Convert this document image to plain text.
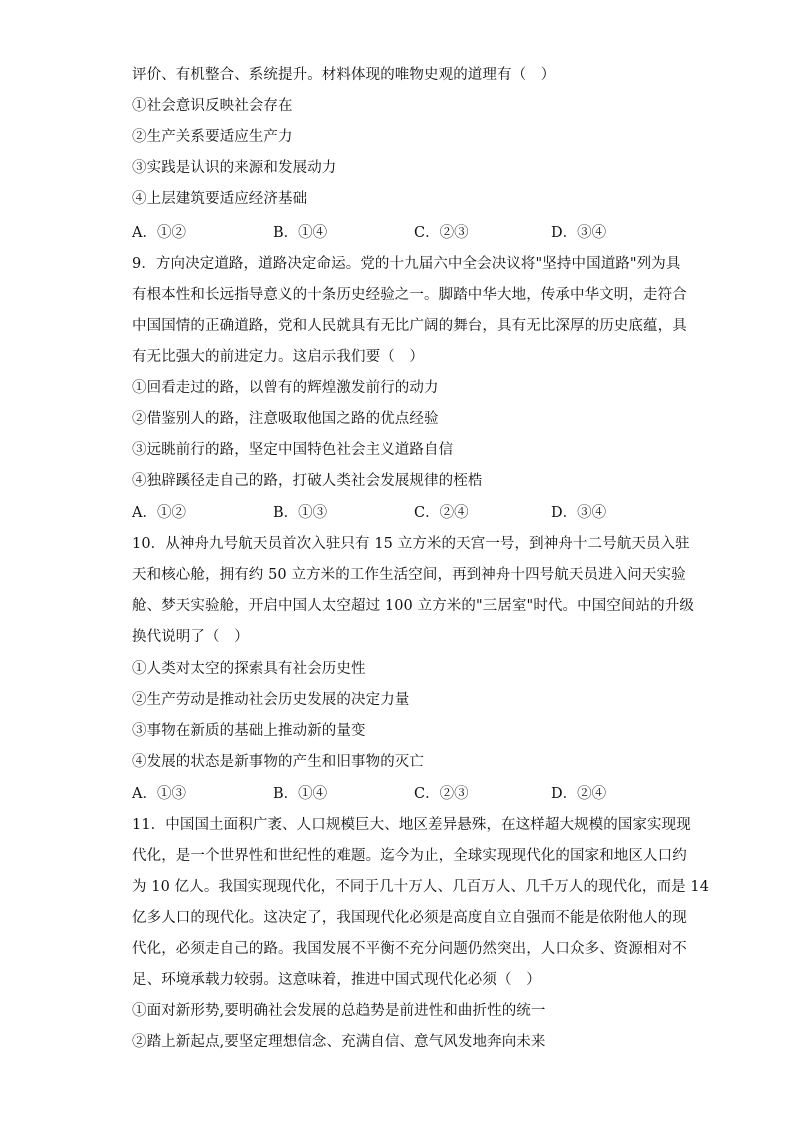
评价、有机整合、系统提升。材料体现的唯物史观的道理有（　）
①社会意识反映社会存在
②生产关系要适应生产力
③实践是认识的来源和发展动力
④上层建筑要适应经济基础
A．①②	B．①④	C．②③	D．③④
9．方向决定道路，道路决定命运。党的十九届六中全会决议将"坚持中国道路"列为具
有根本性和长远指导意义的十条历史经验之一。脚踏中华大地，传承中华文明，走符合
中国国情的正确道路，党和人民就具有无比广阔的舞台，具有无比深厚的历史底蕴，具
有无比强大的前进定力。这启示我们要（　）
①回看走过的路，以曾有的辉煌激发前行的动力
②借鉴别人的路，注意吸取他国之路的优点经验
③远眺前行的路，坚定中国特色社会主义道路自信
④独辟蹊径走自己的路，打破人类社会发展规律的桎梏
A．①②	B．①③	C．②④	D．③④
10．从神舟九号航天员首次入驻只有 15 立方米的天宫一号，到神舟十二号航天员入驻
天和核心舱，拥有约 50 立方米的工作生活空间，再到神舟十四号航天员进入问天实验
舱、梦天实验舱，开启中国人太空超过 100 立方米的"三居室"时代。中国空间站的升级
换代说明了（　）
①人类对太空的探索具有社会历史性
②生产劳动是推动社会历史发展的决定力量
③事物在新质的基础上推动新的量变
④发展的状态是新事物的产生和旧事物的灭亡
A．①③	B．①④	C．②③	D．②④
11．中国国土面积广袤、人口规模巨大、地区差异悬殊，在这样超大规模的国家实现现
代化，是一个世界性和世纪性的难题。迄今为止，全球实现现代化的国家和地区人口约
为 10 亿人。我国实现现代化，不同于几十万人、几百万人、几千万人的现代化，而是 14
亿多人口的现代化。这决定了，我国现代化必须是高度自立自强而不能是依附他人的现
代化，必须走自己的路。我国发展不平衡不充分问题仍然突出，人口众多、资源相对不
足、环境承载力较弱。这意味着，推进中国式现代化必须（　）
①面对新形势,要明确社会发展的总趋势是前进性和曲折性的统一
②踏上新起点,要坚定理想信念、充满自信、意气风发地奔向未来
